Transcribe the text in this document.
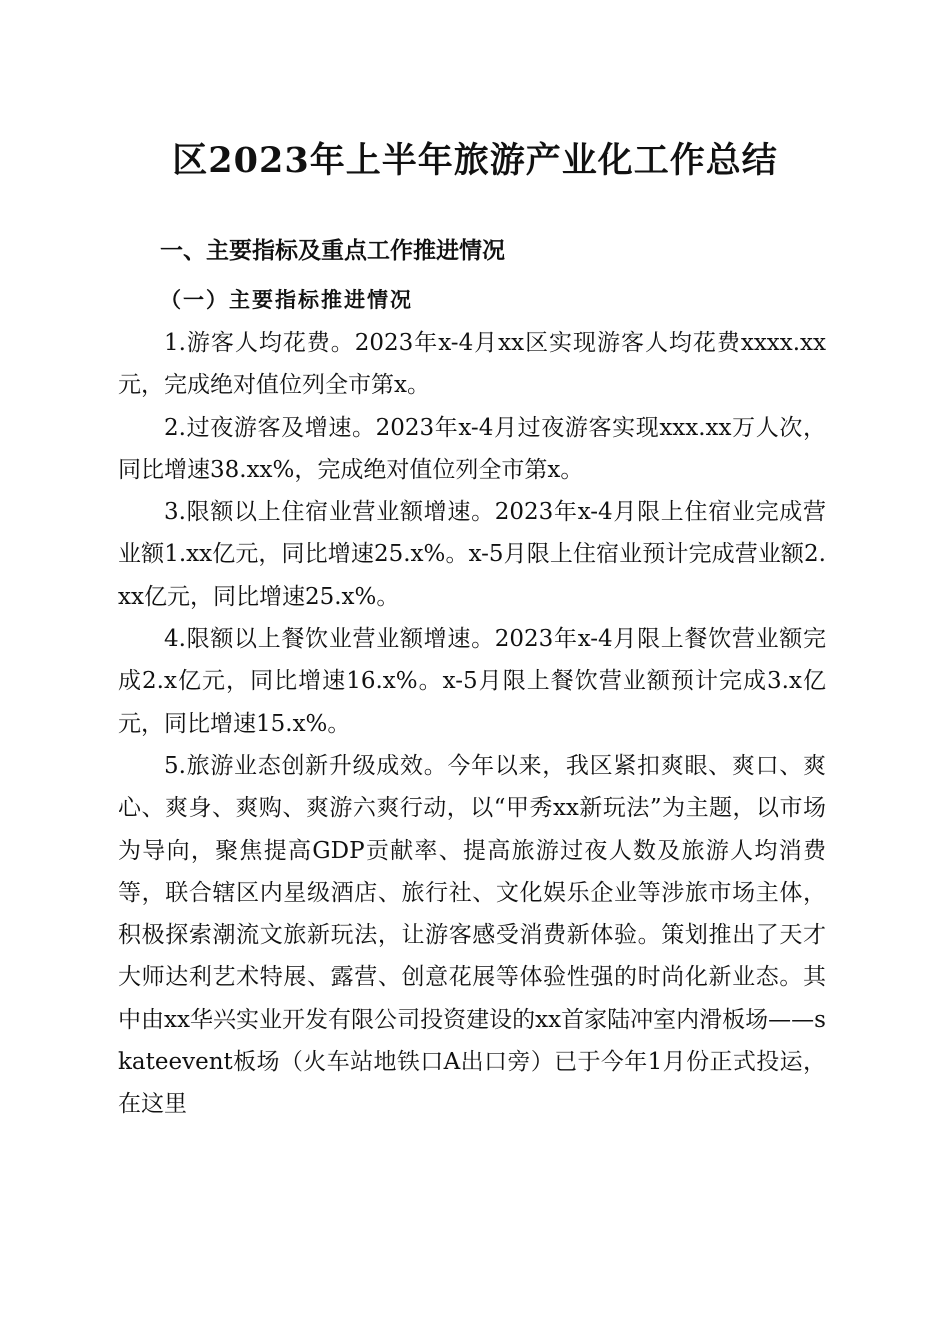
区2023年上半年旅游产业化工作总结
一、主要指标及重点工作推进情况
（一）主要指标推进情况

1.游客人均花费。2023年x-4月xx区实现游客人均花费xxxx.xx元，完成绝对值位列全市第x。

2.过夜游客及增速。2023年x-4月过夜游客实现xxx.xx万人次，同比增速38.xx%，完成绝对值位列全市第x。

3.限额以上住宿业营业额增速。2023年x-4月限上住宿业完成营业额1.xx亿元，同比增速25.x%。x-5月限上住宿业预计完成营业额2.xx亿元，同比增速25.x%。

4.限额以上餐饮业营业额增速。2023年x-4月限上餐饮营业额完成2.x亿元，同比增速16.x%。x-5月限上餐饮营业额预计完成3.x亿元，同比增速15.x%。

5.旅游业态创新升级成效。今年以来，我区紧扣爽眼、爽口、爽心、爽身、爽购、爽游六爽行动，以“甲秀xx新玩法”为主题，以市场为导向，聚焦提高GDP贡献率、提高旅游过夜人数及旅游人均消费等，联合辖区内星级酒店、旅行社、文化娱乐企业等涉旅市场主体，积极探索潮流文旅新玩法，让游客感受消费新体验。策划推出了天才大师达利艺术特展、露营、创意花展等体验性强的时尚化新业态。其中由xx华兴实业开发有限公司投资建设的xx首家陆冲室内滑板场——skateevent板场（火车站地铁口A出口旁）已于今年1月份正式投运，在这里
